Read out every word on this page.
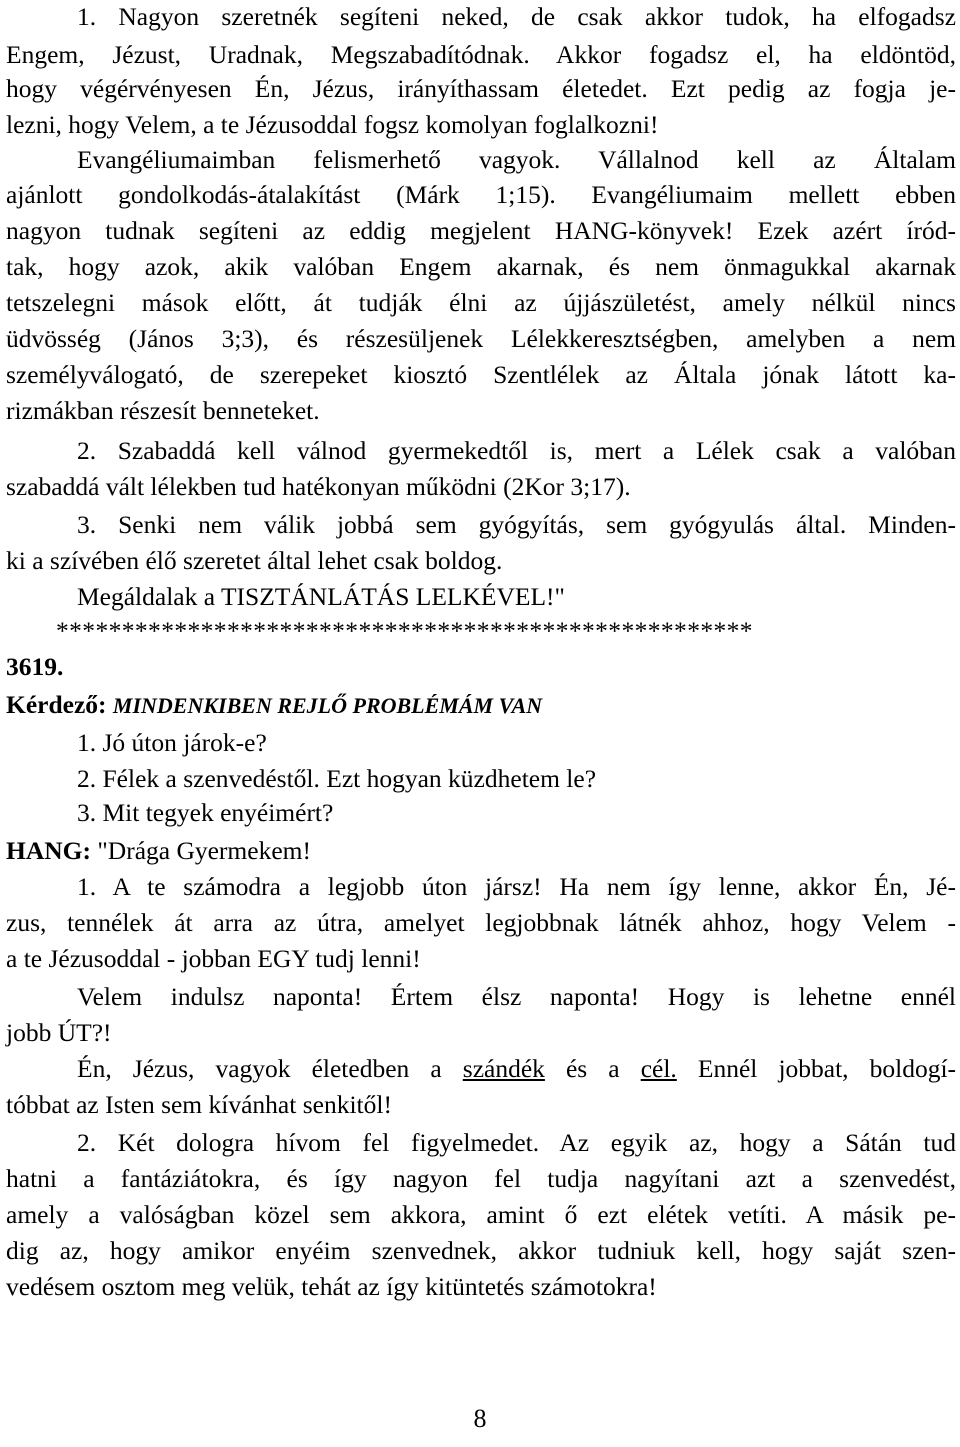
1. Nagyon szeretnék segíteni neked, de csak akkor tudok, ha elfogadsz
Engem, Jézust, Uradnak, Megszabadítódnak. Akkor fogadsz el, ha eldöntöd,
hogy végérvényesen Én, Jézus, irányíthassam életedet. Ezt pedig az fogja je-
lezni, hogy Velem, a te Jézusoddal fogsz komolyan foglalkozni!
Evangéliumaimban felismerhető vagyok. Vállalnod kell az Általam
ajánlott gondolkodás-átalakítást (Márk 1;15). Evangéliumaim mellett ebben
nagyon tudnak segíteni az eddig megjelent HANG-könyvek! Ezek azért íród-
tak, hogy azok, akik valóban Engem akarnak, és nem önmagukkal akarnak
tetszelegni mások előtt, át tudják élni az újjászületést, amely nélkül nincs
üdvösség (János 3;3), és részesüljenek Lélekkeresztségben, amelyben a nem
személyválogató, de szerepeket kiosztó Szentlélek az Általa jónak látott ka-
rizmákban részesít benneteket.
2. Szabaddá kell válnod gyermekedtől is, mert a Lélek csak a valóban
szabaddá vált lélekben tud hatékonyan működni (2Kor 3;17).
3. Senki nem válik jobbá sem gyógyítás, sem gyógyulás által. Minden-
ki a szívében élő szeretet által lehet csak boldog.
Megáldalak a TISZTÁNLÁTÁS LELKÉVEL!"
*****************************************************
3619.
Kérdező: MINDENKIBEN REJLŐ PROBLÉMÁM VAN
1. Jó úton járok-e?
2. Félek a szenvedéstől. Ezt hogyan küzdhetem le?
3. Mit tegyek enyéimért?
HANG: "Drága Gyermekem!
1. A te számodra a legjobb úton jársz! Ha nem így lenne, akkor Én, Jé-
zus, tennélek át arra az útra, amelyet legjobbnak látnék ahhoz, hogy Velem -
a te Jézusoddal - jobban EGY tudj lenni!
Velem indulsz naponta! Értem élsz naponta! Hogy is lehetne ennél
jobb ÚT?!
Én, Jézus, vagyok életedben a szándék és a cél. Ennél jobbat, boldogí-
tóbbat az Isten sem kívánhat senkitől!
2. Két dologra hívom fel figyelmedet. Az egyik az, hogy a Sátán tud
hatni a fantáziátokra, és így nagyon fel tudja nagyítani azt a szenvedést,
amely a valóságban közel sem akkora, amint ő ezt elétek vetíti. A másik pe-
dig az, hogy amikor enyéim szenvednek, akkor tudniuk kell, hogy saját szen-
vedésem osztom meg velük, tehát az így kitüntetés számotokra!
8
